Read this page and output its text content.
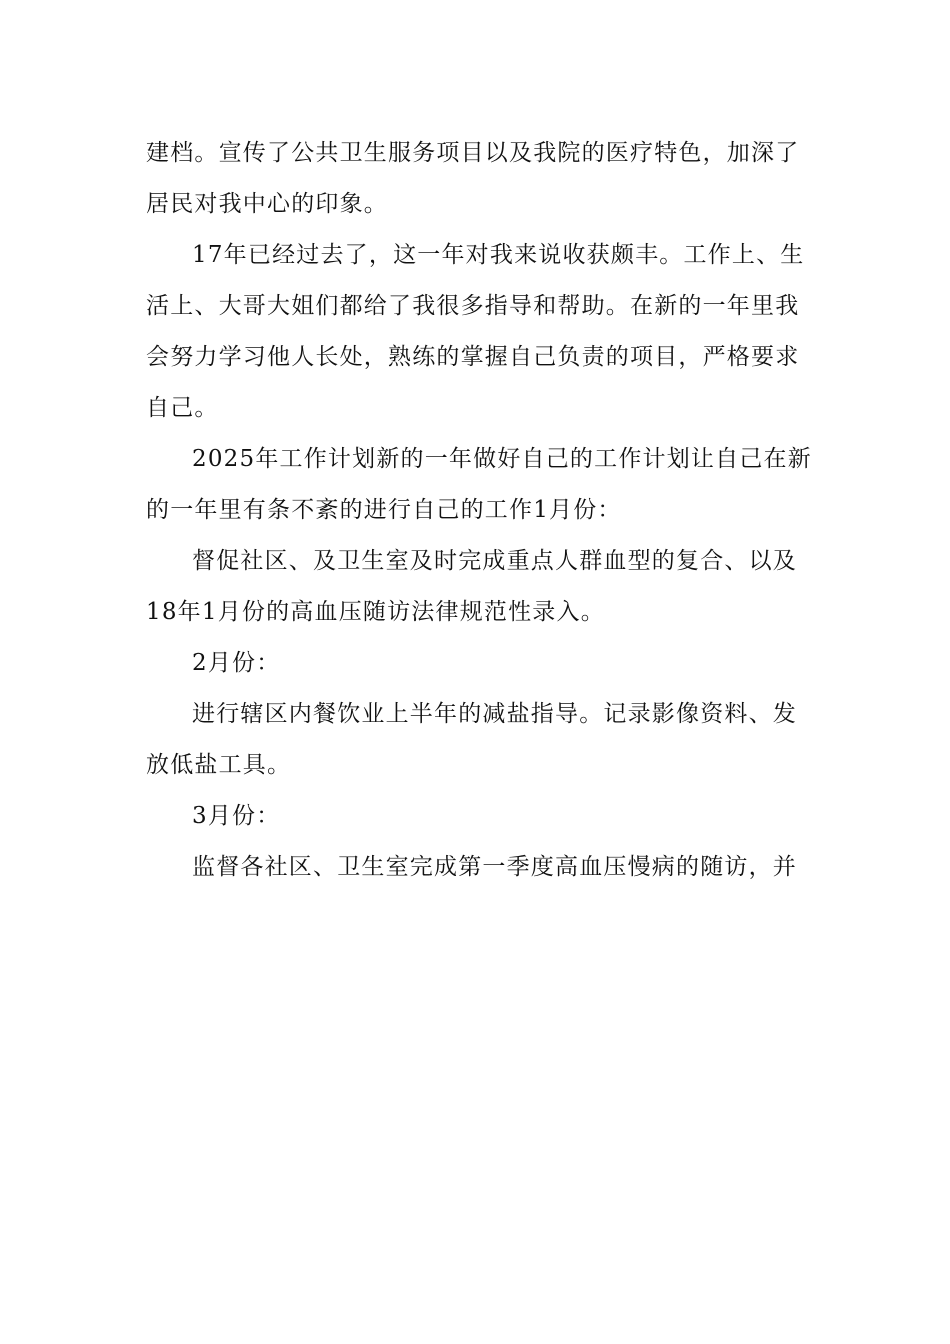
建档。宣传了公共卫生服务项目以及我院的医疗特色，加深了
居民对我中心的印象。
17年已经过去了，这一年对我来说收获颇丰。工作上、生
活上、大哥大姐们都给了我很多指导和帮助。在新的一年里我
会努力学习他人长处，熟练的掌握自己负责的项目，严格要求
自己。
2025年工作计划新的一年做好自己的工作计划让自己在新
的一年里有条不紊的进行自己的工作1月份：
督促社区、及卫生室及时完成重点人群血型的复合、以及
18年1月份的高血压随访法律规范性录入。
2月份：
进行辖区内餐饮业上半年的减盐指导。记录影像资料、发
放低盐工具。
3月份：
监督各社区、卫生室完成第一季度高血压慢病的随访，并
